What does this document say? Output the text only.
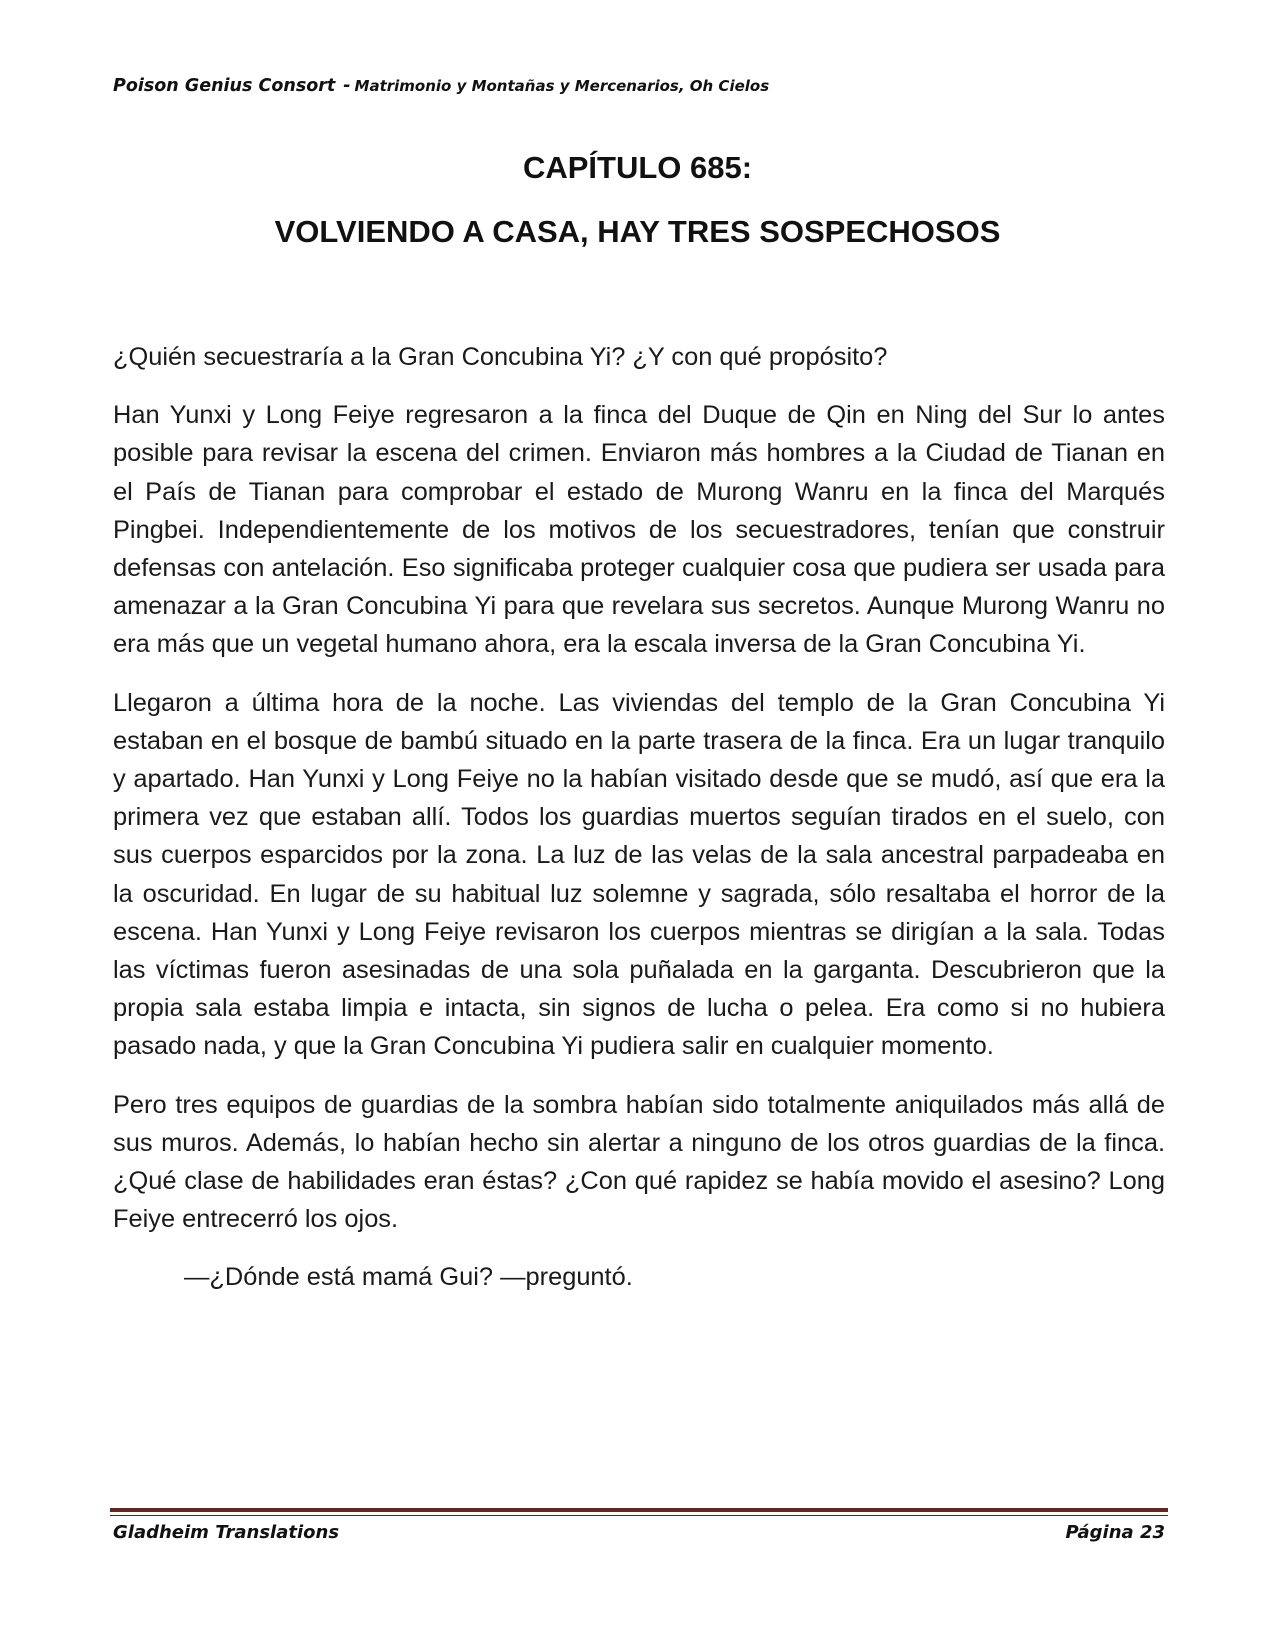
Poison Genius Consort - Matrimonio y Montañas y Mercenarios, Oh Cielos
CAPÍTULO 685:
VOLVIENDO A CASA, HAY TRES SOSPECHOSOS

¿Quién secuestraría a la Gran Concubina Yi? ¿Y con qué propósito?

Han Yunxi y Long Feiye regresaron a la finca del Duque de Qin en Ning del Sur lo antes posible para revisar la escena del crimen. Enviaron más hombres a la Ciudad de Tianan en el País de Tianan para comprobar el estado de Murong Wanru en la finca del Marqués Pingbei. Independientemente de los motivos de los secuestradores, tenían que construir defensas con antelación. Eso significaba proteger cualquier cosa que pudiera ser usada para amenazar a la Gran Concubina Yi para que revelara sus secretos. Aunque Murong Wanru no era más que un vegetal humano ahora, era la escala inversa de la Gran Concubina Yi.

Llegaron a última hora de la noche. Las viviendas del templo de la Gran Concubina Yi estaban en el bosque de bambú situado en la parte trasera de la finca. Era un lugar tranquilo y apartado. Han Yunxi y Long Feiye no la habían visitado desde que se mudó, así que era la primera vez que estaban allí. Todos los guardias muertos seguían tirados en el suelo, con sus cuerpos esparcidos por la zona. La luz de las velas de la sala ancestral parpadeaba en la oscuridad. En lugar de su habitual luz solemne y sagrada, sólo resaltaba el horror de la escena. Han Yunxi y Long Feiye revisaron los cuerpos mientras se dirigían a la sala. Todas las víctimas fueron asesinadas de una sola puñalada en la garganta. Descubrieron que la propia sala estaba limpia e intacta, sin signos de lucha o pelea. Era como si no hubiera pasado nada, y que la Gran Concubina Yi pudiera salir en cualquier momento.

Pero tres equipos de guardias de la sombra habían sido totalmente aniquilados más allá de sus muros. Además, lo habían hecho sin alertar a ninguno de los otros guardias de la finca. ¿Qué clase de habilidades eran éstas? ¿Con qué rapidez se había movido el asesino? Long Feiye entrecerró los ojos.

—¿Dónde está mamá Gui? —preguntó.

Gladheim Translations	Página 23
